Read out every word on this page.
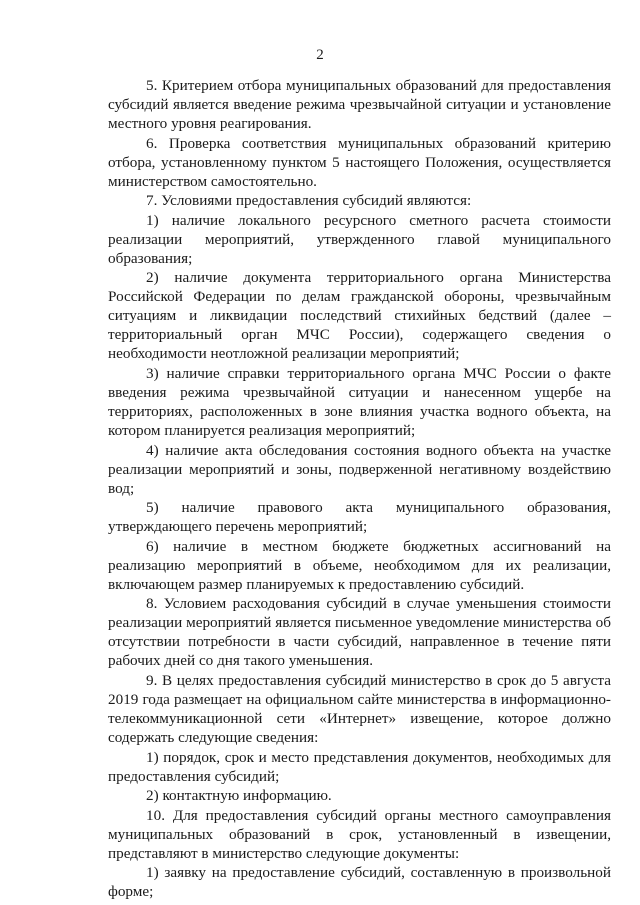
2

5. Критерием отбора муниципальных образований для предоставления субсидий является введение режима чрезвычайной ситуации и установление местного уровня реагирования.

6. Проверка соответствия муниципальных образований критерию отбора, установленному пунктом 5 настоящего Положения, осуществляется министерством самостоятельно.

7. Условиями предоставления субсидий являются:

1) наличие локального ресурсного сметного расчета стоимости реализации мероприятий, утвержденного главой муниципального образования;

2) наличие документа территориального органа Министерства Российской Федерации по делам гражданской обороны, чрезвычайным ситуациям и ликвидации последствий стихийных бедствий (далее – территориальный орган МЧС России), содержащего сведения о необходимости неотложной реализации мероприятий;

3) наличие справки территориального органа МЧС России о факте введения режима чрезвычайной ситуации и нанесенном ущербе на территориях, расположенных в зоне влияния участка водного объекта, на котором планируется реализация мероприятий;

4) наличие акта обследования состояния водного объекта на участке реализации мероприятий и зоны, подверженной негативному воздействию вод;

5) наличие правового акта муниципального образования, утверждающего перечень мероприятий;

6) наличие в местном бюджете бюджетных ассигнований на реализацию мероприятий в объеме, необходимом для их реализации, включающем размер планируемых к предоставлению субсидий.

8. Условием расходования субсидий в случае уменьшения стоимости реализации мероприятий является письменное уведомление министерства об отсутствии потребности в части субсидий, направленное в течение пяти рабочих дней со дня такого уменьшения.

9. В целях предоставления субсидий министерство в срок до 5 августа 2019 года размещает на официальном сайте министерства в информационно-телекоммуникационной сети «Интернет» извещение, которое должно содержать следующие сведения:

1) порядок, срок и место представления документов, необходимых для предоставления субсидий;

2) контактную информацию.

10. Для предоставления субсидий органы местного самоуправления муниципальных образований в срок, установленный в извещении, представляют в министерство следующие документы:

1) заявку на предоставление субсидий, составленную в произвольной форме;
